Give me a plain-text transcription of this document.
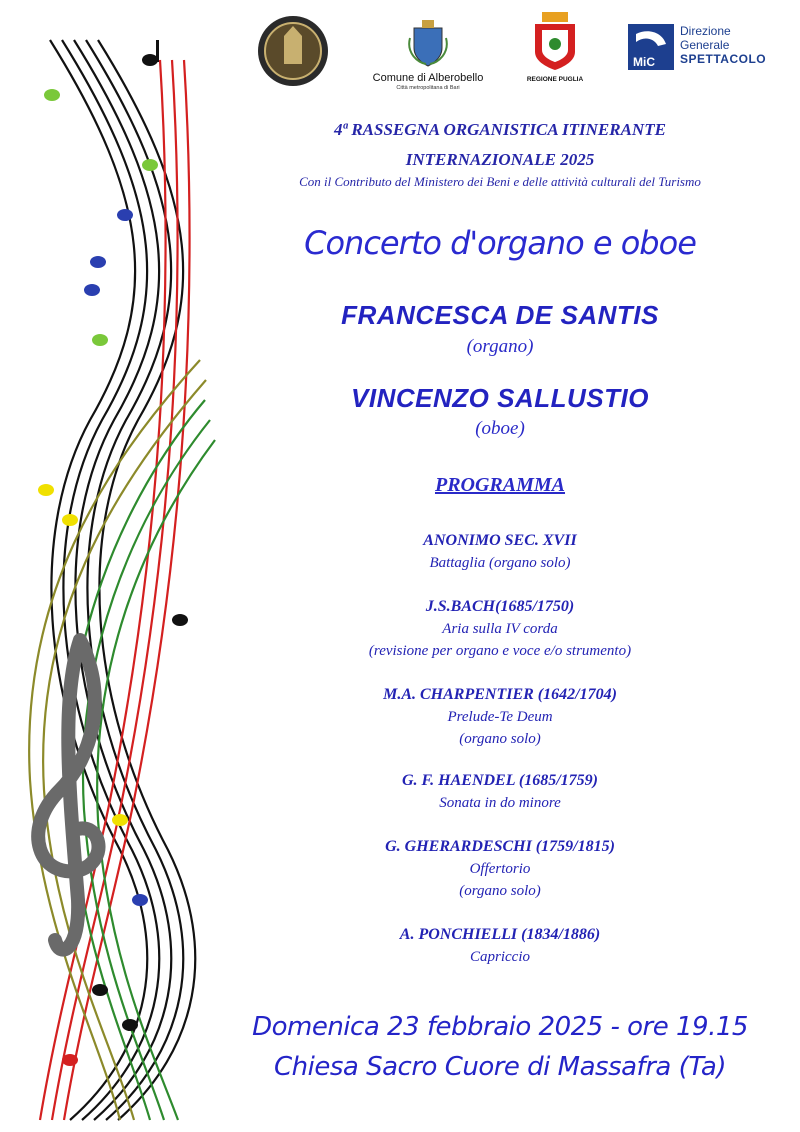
Comune di Alberobello
Città metropolitana di Bari
REGIONE PUGLIA
MiC
Direzione
Generale
SPETTACOLO
4ª RASSEGNA ORGANISTICA ITINERANTE
INTERNAZIONALE 2025
Con il Contributo del Ministero dei Beni e delle attività culturali del Turismo
Concerto d'organo e oboe
FRANCESCA DE SANTIS
(organo)
VINCENZO SALLUSTIO
(oboe)
PROGRAMMA
ANONIMO SEC. XVII
Battaglia (organo solo)
J.S.BACH(1685/1750)
Aria sulla IV corda
(revisione per organo e voce e/o strumento)
M.A. CHARPENTIER (1642/1704)
Prelude-Te Deum
(organo solo)
G. F. HAENDEL (1685/1759)
Sonata in do minore
G. GHERARDESCHI (1759/1815)
Offertorio
(organo solo)
A. PONCHIELLI (1834/1886)
Capriccio
Domenica 23 febbraio 2025 - ore 19.15
Chiesa Sacro Cuore di Massafra (Ta)
